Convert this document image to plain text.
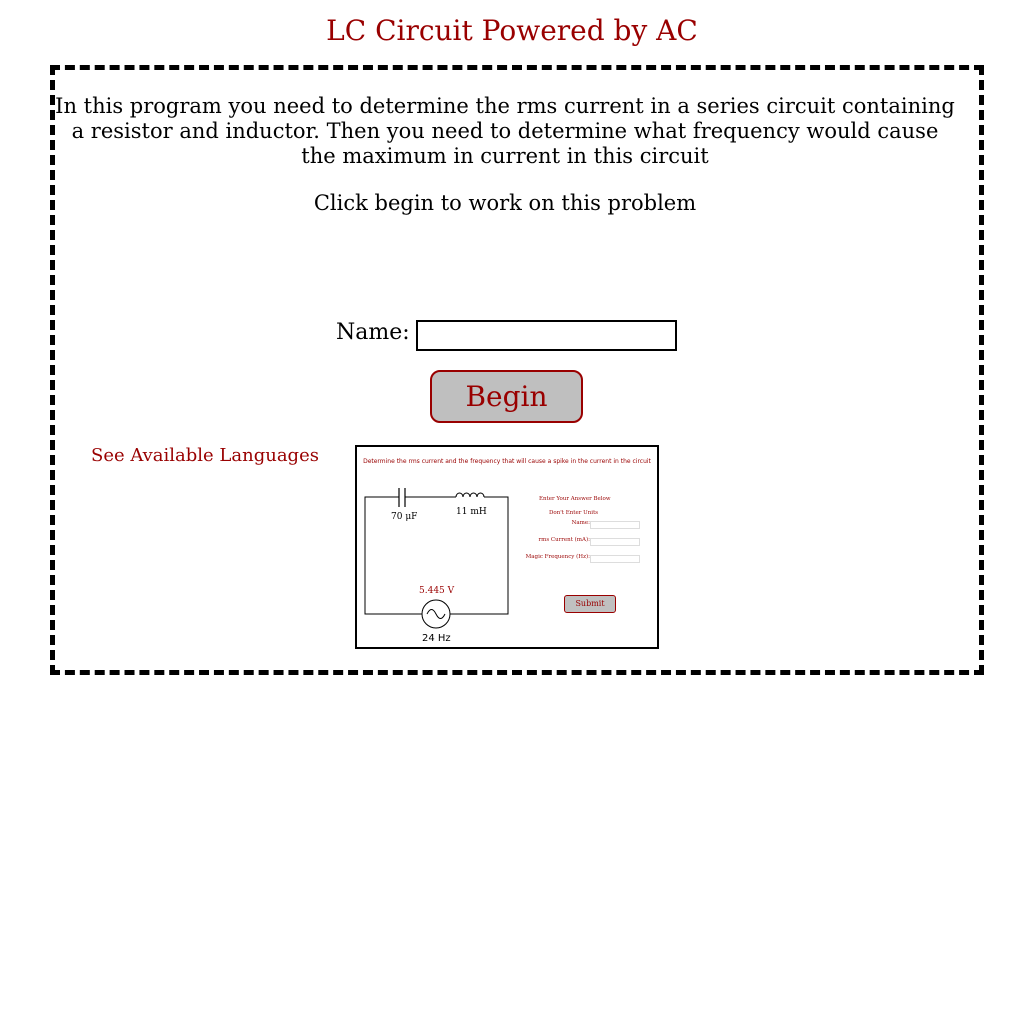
LC Circuit Powered by AC
In this program you need to determine the rms current in a series circuit containing a resistor and inductor. Then you need to determine what frequency would cause the maximum in current in this circuit
Click begin to work on this problem
Name:
Begin
See Available Languages	Determine the rms current and the frequency that will cause a spike in the current in the circuit
70 μF	11 mH
5.445 V
24 Hz
Enter Your Answer Below
Don't Enter Units
Name:
rms Current (mA):
Magic Frequency (Hz):
Submit
